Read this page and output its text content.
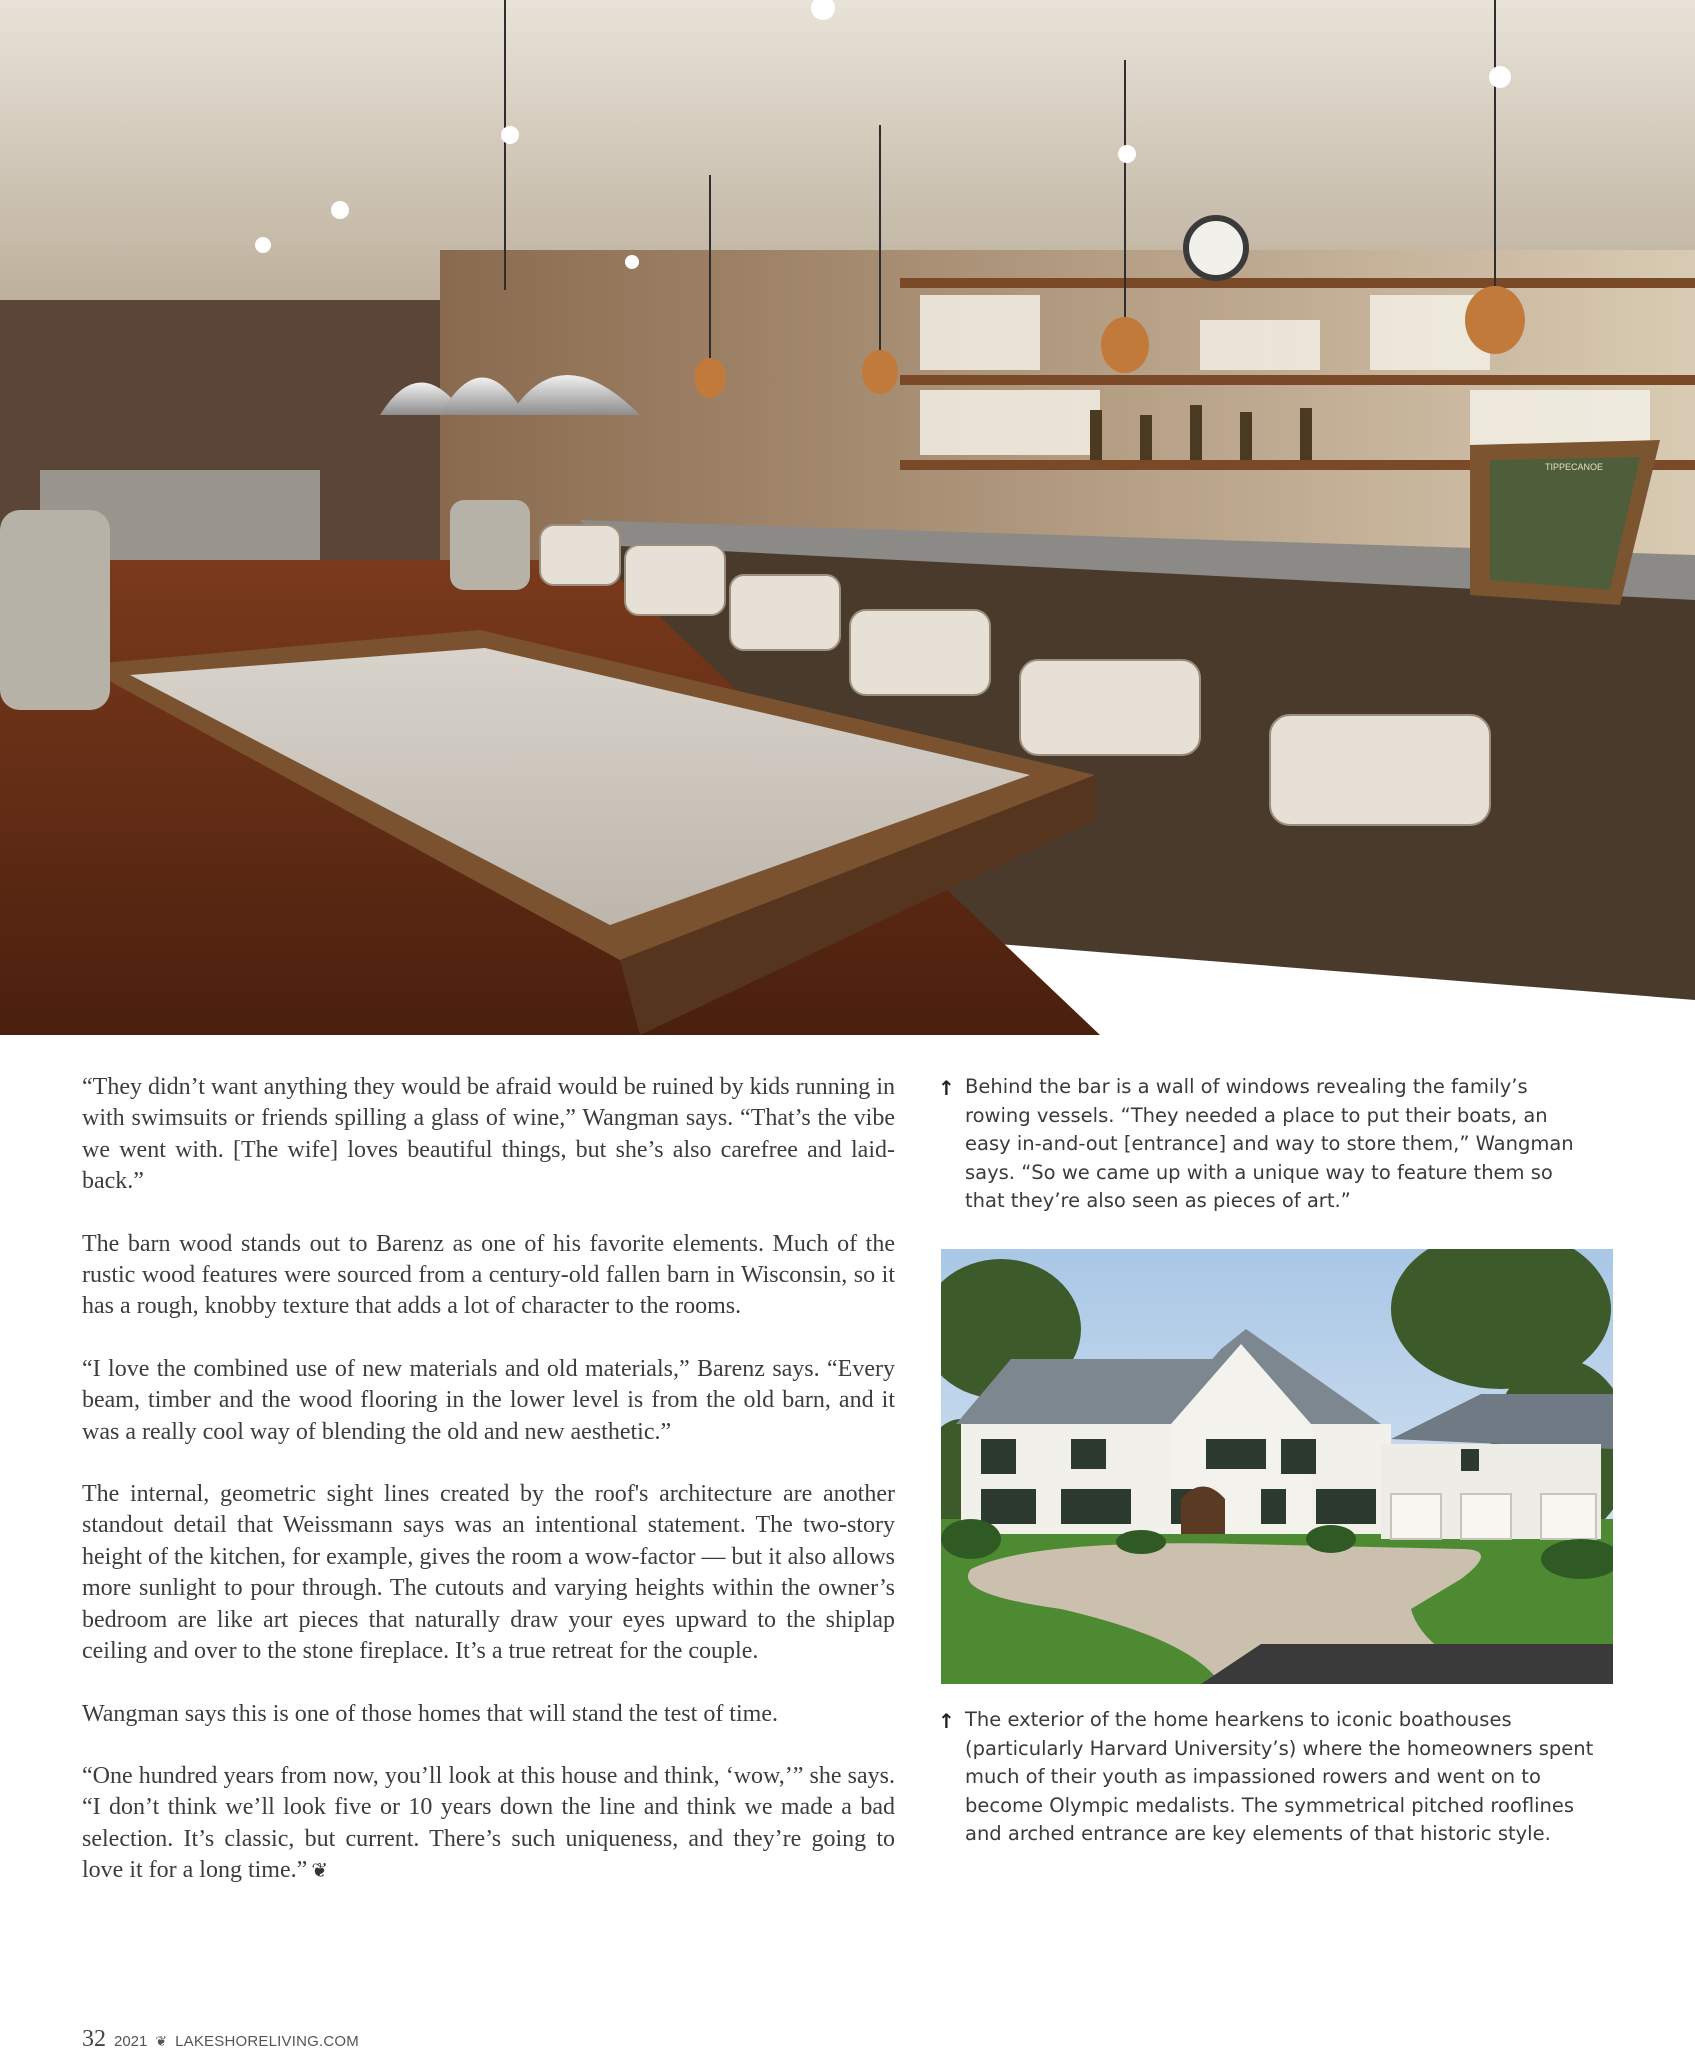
TIPPECANOE

“They didn’t want anything they would be afraid would be ruined by kids running in with swimsuits or friends spilling a glass of wine,” Wangman says. “That’s the vibe we went with. [The wife] loves beautiful things, but she’s also carefree and laid-back.”

The barn wood stands out to Barenz as one of his favorite elements. Much of the rustic wood features were sourced from a century-old fallen barn in Wisconsin, so it has a rough, knobby texture that adds a lot of character to the rooms.

“I love the combined use of new materials and old materials,” Barenz says. “Every beam, timber and the wood flooring in the lower level is from the old barn, and it was a really cool way of blending the old and new aesthetic.”

The internal, geometric sight lines created by the roof's architecture are another standout detail that Weissmann says was an intentional statement. The two-story height of the kitchen, for example, gives the room a wow-factor — but it also allows more sunlight to pour through. The cutouts and varying heights within the owner’s bedroom are like art pieces that naturally draw your eyes upward to the shiplap ceiling and over to the stone fireplace. It’s a true retreat for the couple.

Wangman says this is one of those homes that will stand the test of time.

“One hundred years from now, you’ll look at this house and think, ‘wow,’” she says. “I don’t think we’ll look five or 10 years down the line and think we made a bad selection. It’s classic, but current. There’s such uniqueness, and they’re going to love it for a long time.” ❦

↑ Behind the bar is a wall of windows revealing the family’s rowing vessels. “They needed a place to put their boats, an easy in-and-out [entrance] and way to store them,” Wangman says. “So we came up with a unique way to feature them so that they’re also seen as pieces of art.”
↑ The exterior of the home hearkens to iconic boathouses (particularly Harvard University’s) where the homeowners spent much of their youth as impassioned rowers and went on to become Olympic medalists. The symmetrical pitched rooflines and arched entrance are key elements of that historic style.
32 2021 ❦ LAKESHORELIVING.COM
